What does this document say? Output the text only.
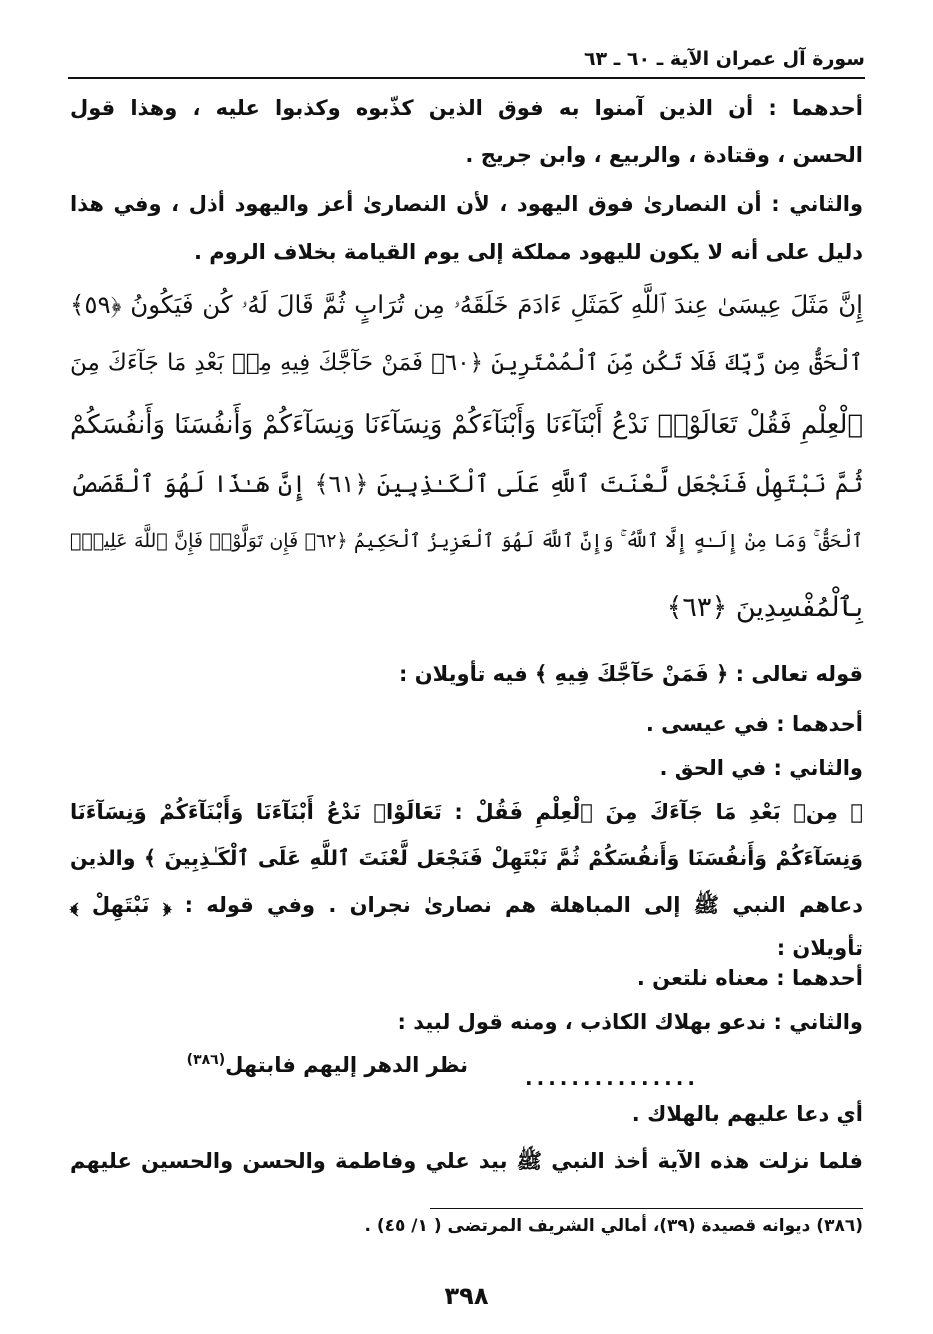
سورة آل عمران الآية ـ ٦٠ ـ ٦٣
أحدهما : أن الذين آمنوا به فوق الذين كذّبوه وكذبوا عليه ، وهذا قول
الحسن ، وقتادة ، والربيع ، وابن جريج .
والثاني : أن النصارىٰ فوق اليهود ، لأن النصارىٰ أعز واليهود أذل ، وفي هذا
دليل على أنه لا يكون لليهود مملكة إلى يوم القيامة بخلاف الروم .
إِنَّ مَثَلَ عِيسَىٰ عِندَ ٱللَّهِ كَمَثَلِ ءَادَمَ خَلَقَهُۥ مِن تُرَابٍ ثُمَّ قَالَ لَهُۥ كُن فَيَكُونُ ﴿٥٩﴾
ٱلْحَقُّ مِن رَّبِّكَ فَلَا تَكُن مِّنَ ٱلْمُمْتَرِينَ ﴿٦٠﴾ فَمَنْ حَآجَّكَ فِيهِ مِنۢ بَعْدِ مَا جَآءَكَ مِنَ
ٱلْعِلْمِ فَقُلْ تَعَالَوْا۟ نَدْعُ أَبْنَآءَنَا وَأَبْنَآءَكُمْ وَنِسَآءَنَا وَنِسَآءَكُمْ وَأَنفُسَنَا وَأَنفُسَكُمْ
ثُمَّ نَبْتَهِلْ فَنَجْعَل لَّعْنَتَ ٱللَّهِ عَلَى ٱلْكَـٰذِبِينَ ﴿٦١﴾ إِنَّ هَـٰذَا لَهُوَ ٱلْقَصَصُ
ٱلْحَقُّ ۚ وَمَا مِنْ إِلَـٰهٍ إِلَّا ٱللَّهُ ۚ وَإِنَّ ٱللَّهَ لَهُوَ ٱلْعَزِيزُ ٱلْحَكِيمُ ﴿٦٢﴾ فَإِن تَوَلَّوْا۟ فَإِنَّ ٱللَّهَ عَلِيمٌۢ
بِٱلْمُفْسِدِينَ ﴿٦٣﴾
قوله تعالى : ﴿ فَمَنْ حَآجَّكَ فِيهِ ﴾ فيه تأويلان :
أحدهما : في عيسى .
والثاني : في الحق .
﴿ مِنۢ بَعْدِ مَا جَآءَكَ مِنَ ٱلْعِلْمِ فَقُلْ : تَعَالَوْا۟ نَدْعُ أَبْنَآءَنَا وَأَبْنَآءَكُمْ وَنِسَآءَنَا
وَنِسَآءَكُمْ وَأَنفُسَنَا وَأَنفُسَكُمْ ثُمَّ نَبْتَهِلْ فَنَجْعَل لَّعْنَتَ ٱللَّهِ عَلَى ٱلْكَـٰذِبِينَ ﴾ والذين
دعاهم النبي ﷺ إلى المباهلة هم نصارىٰ نجران . وفي قوله : ﴿ نَبْتَهِلْ ﴾
تأويلان :
أحدهما : معناه نلتعن .
والثاني : ندعو بهلاك الكاذب ، ومنه قول لبيد :
نظر الدهر إليهم فابتهل$^{(٣٨٦)}$
...............
أي دعا عليهم بالهلاك .
فلما نزلت هذه الآية أخذ النبي ﷺ بيد علي وفاطمة والحسن والحسين عليهم
(٣٨٦) ديوانه قصيدة (٣٩)، أمالي الشريف المرتضى ( ١/ ٤٥) .
٣٩٨
